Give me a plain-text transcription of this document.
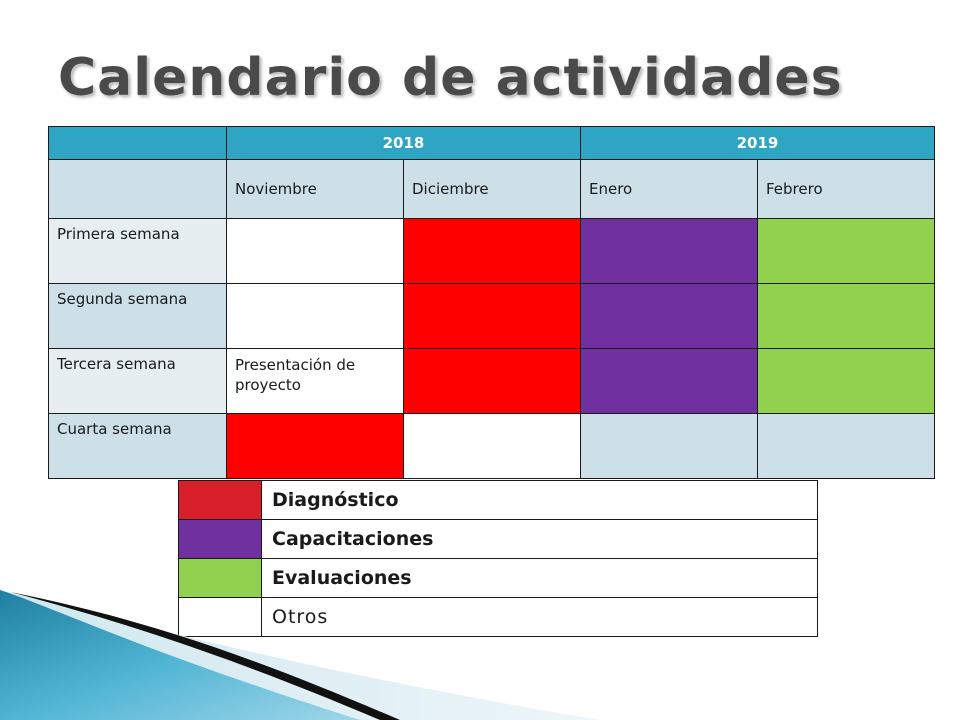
Calendario de actividades
	2018		2019	
	Noviembre	Diciembre	Enero	Febrero
Primera semana				
Segunda semana				
Tercera semana	Presentación de proyecto			
Cuarta semana				
	Diagnóstico
	Capacitaciones
	Evaluaciones
	Otros
